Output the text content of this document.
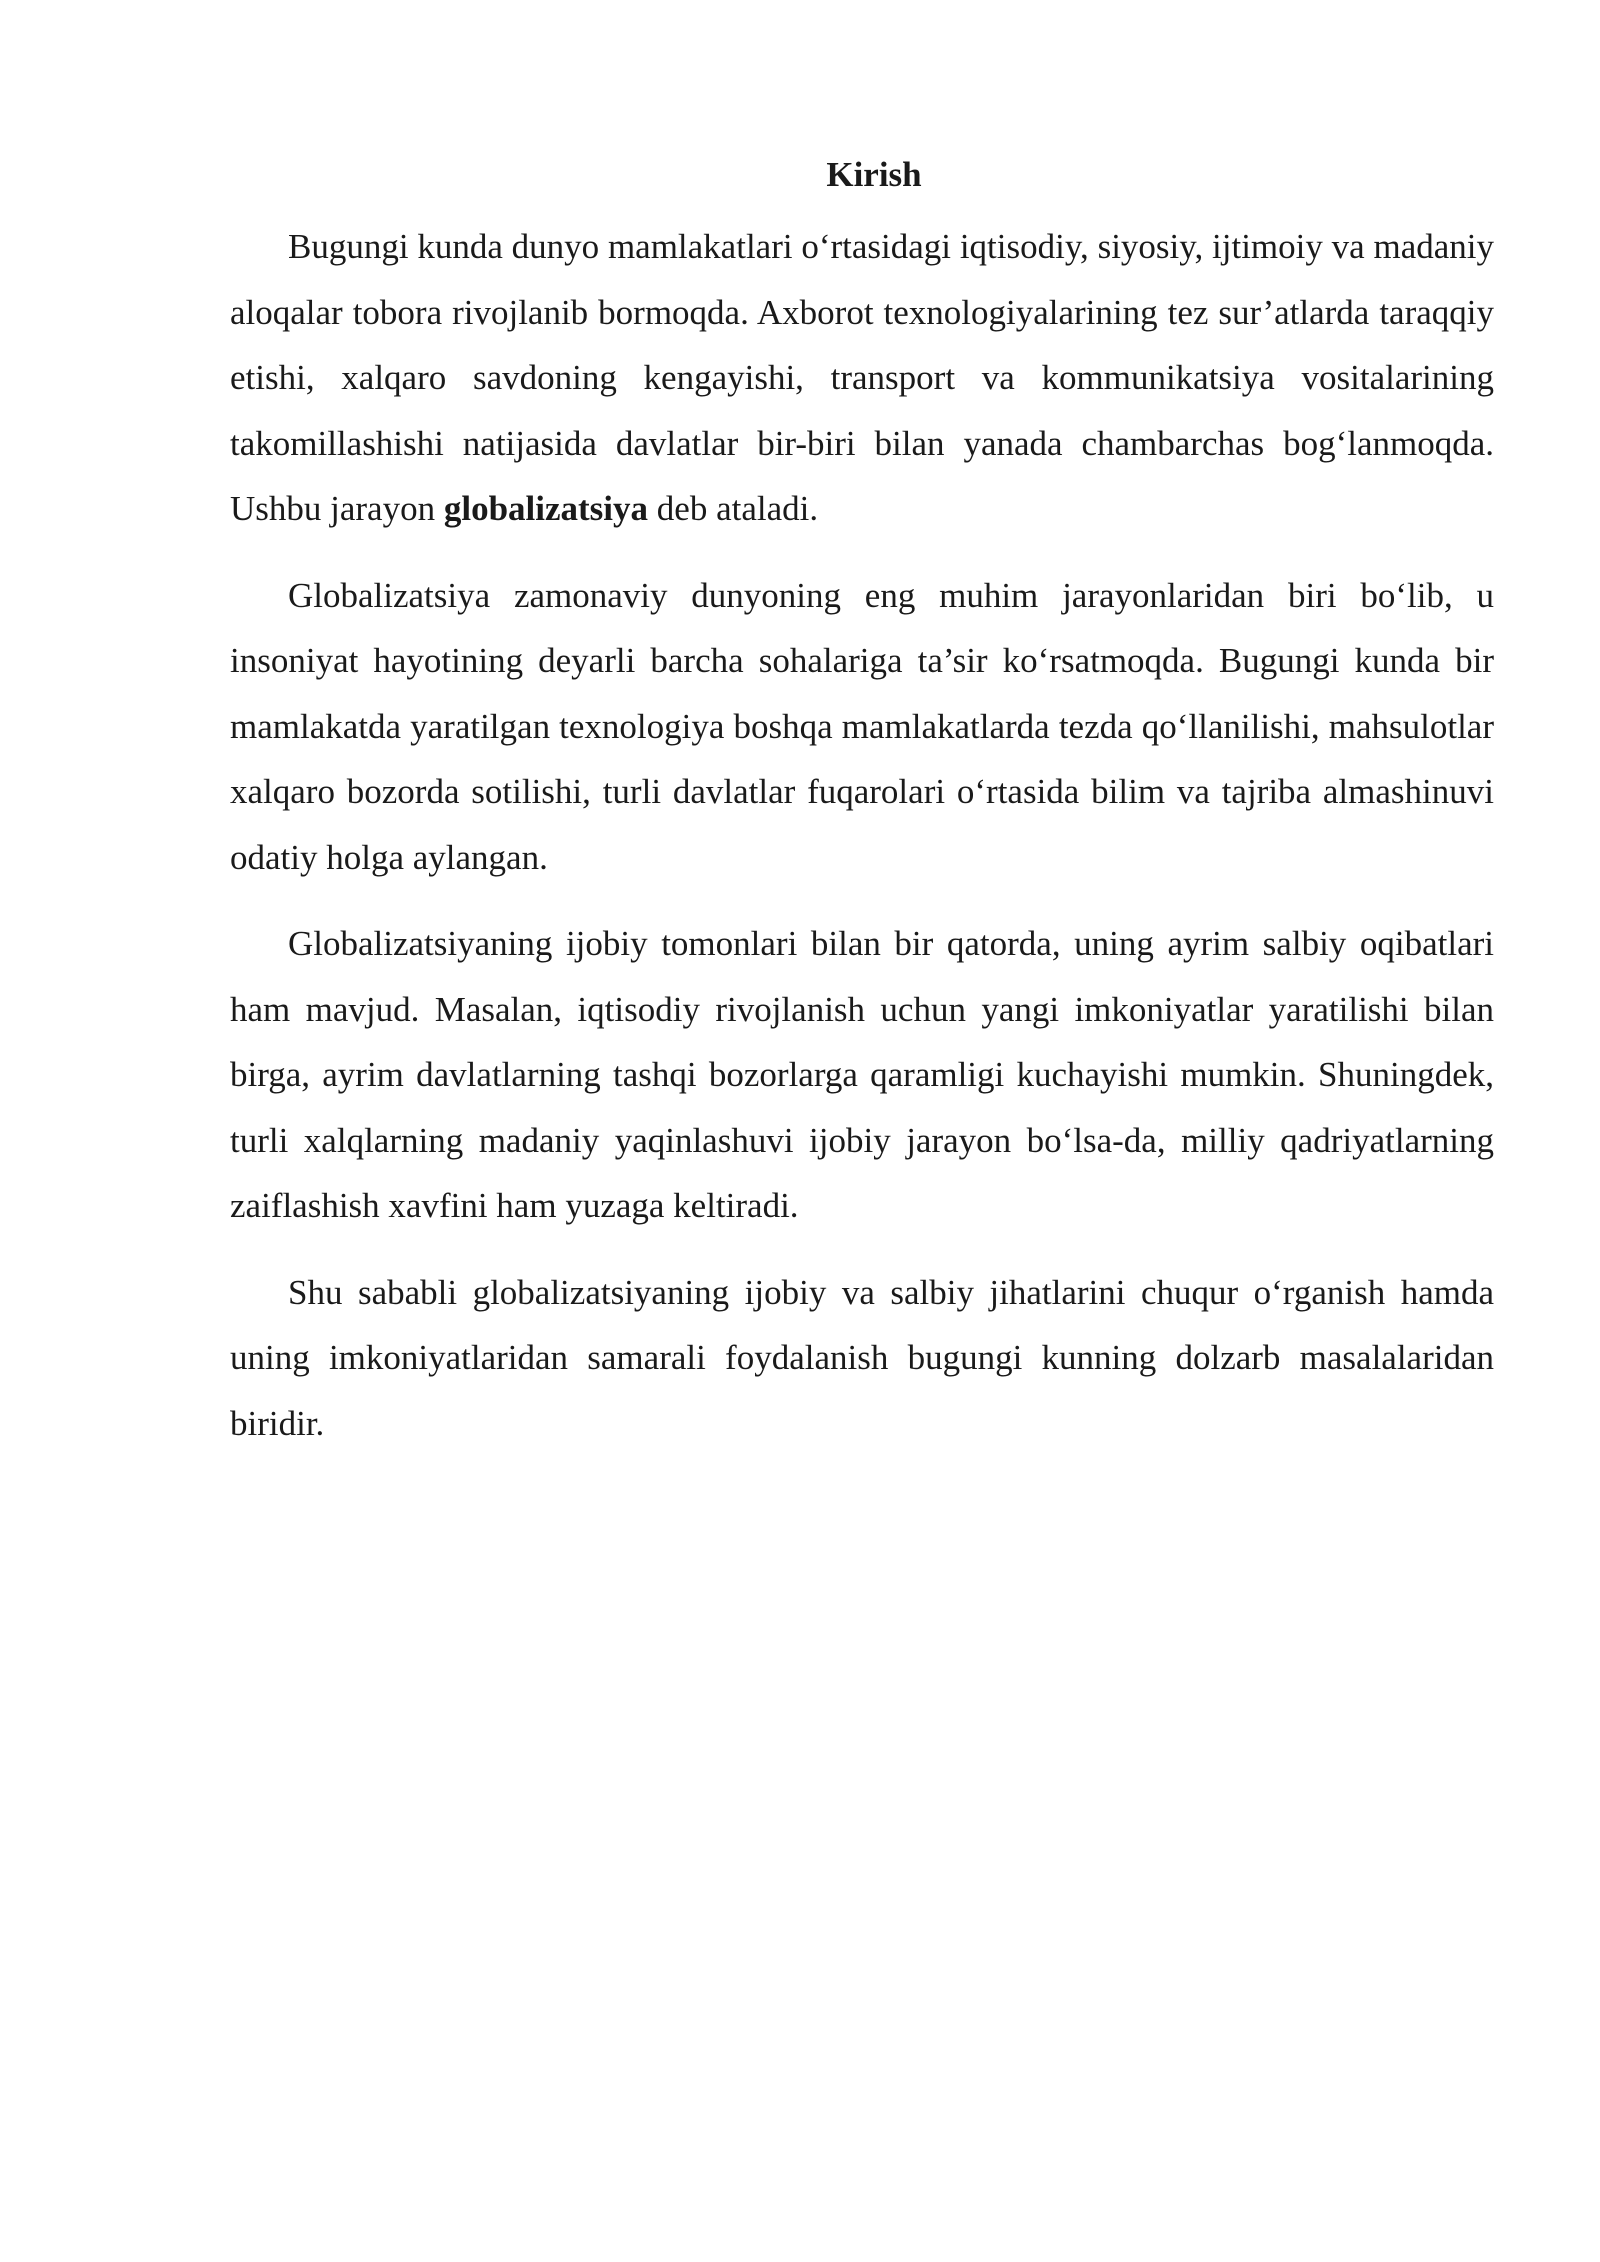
Kirish

Bugungi kunda dunyo mamlakatlari o‘rtasidagi iqtisodiy, siyosiy, ijtimoiy va madaniy aloqalar tobora rivojlanib bormoqda. Axborot texnologiyalarining tez sur’atlarda taraqqiy etishi, xalqaro savdoning kengayishi, transport va kommunikatsiya vositalarining takomillashishi natijasida davlatlar bir-biri bilan yanada chambarchas bog‘lanmoqda. Ushbu jarayon globalizatsiya deb ataladi.

Globalizatsiya zamonaviy dunyoning eng muhim jarayonlaridan biri bo‘lib, u insoniyat hayotining deyarli barcha sohalariga ta’sir ko‘rsatmoqda. Bugungi kunda bir mamlakatda yaratilgan texnologiya boshqa mamlakatlarda tezda qo‘llanilishi, mahsulotlar xalqaro bozorda sotilishi, turli davlatlar fuqarolari o‘rtasida bilim va tajriba almashinuvi odatiy holga aylangan.

Globalizatsiyaning ijobiy tomonlari bilan bir qatorda, uning ayrim salbiy oqibatlari ham mavjud. Masalan, iqtisodiy rivojlanish uchun yangi imkoniyatlar yaratilishi bilan birga, ayrim davlatlarning tashqi bozorlarga qaramligi kuchayishi mumkin. Shuningdek, turli xalqlarning madaniy yaqinlashuvi ijobiy jarayon bo‘lsa-da, milliy qadriyatlarning zaiflashish xavfini ham yuzaga keltiradi.

Shu sababli globalizatsiyaning ijobiy va salbiy jihatlarini chuqur o‘rganish hamda uning imkoniyatlaridan samarali foydalanish bugungi kunning dolzarb masalalaridan biridir.
